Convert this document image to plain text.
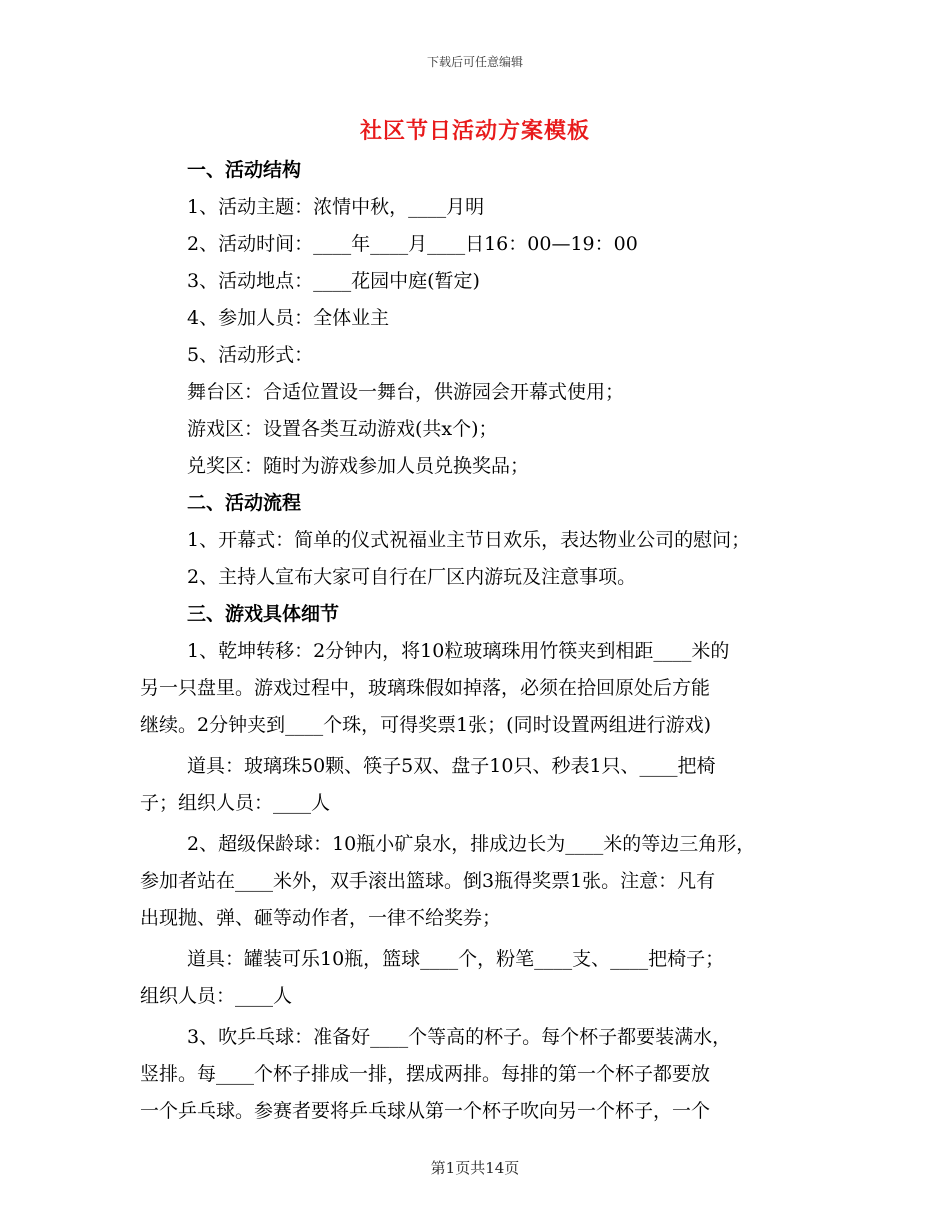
下载后可任意编辑
社区节日活动方案模板
一、活动结构
1、活动主题：浓情中秋，____月明
2、活动时间：____年____月____日16：00—19：00
3、活动地点：____花园中庭(暂定)
4、参加人员：全体业主
5、活动形式：
舞台区：合适位置设一舞台，供游园会开幕式使用；
游戏区：设置各类互动游戏(共x个)；
兑奖区：随时为游戏参加人员兑换奖品；
二、活动流程
1、开幕式：简单的仪式祝福业主节日欢乐，表达物业公司的慰问；
2、主持人宣布大家可自行在厂区内游玩及注意事项。
三、游戏具体细节
1、乾坤转移：2分钟内，将10粒玻璃珠用竹筷夹到相距____米的
另一只盘里。游戏过程中，玻璃珠假如掉落，必须在拾回原处后方能
继续。2分钟夹到____个珠，可得奖票1张；(同时设置两组进行游戏)
道具：玻璃珠50颗、筷子5双、盘子10只、秒表1只、____把椅
子；组织人员：____人
2、超级保龄球：10瓶小矿泉水，排成边长为____米的等边三角形，
参加者站在____米外，双手滚出篮球。倒3瓶得奖票1张。注意：凡有
出现抛、弹、砸等动作者，一律不给奖券；
道具：罐装可乐10瓶，篮球____个，粉笔____支、____把椅子；
组织人员：____人
3、吹乒乓球：准备好____个等高的杯子。每个杯子都要装满水，
竖排。每____个杯子排成一排，摆成两排。每排的第一个杯子都要放
一个乒乓球。参赛者要将乒乓球从第一个杯子吹向另一个杯子，一个
第1页共14页
